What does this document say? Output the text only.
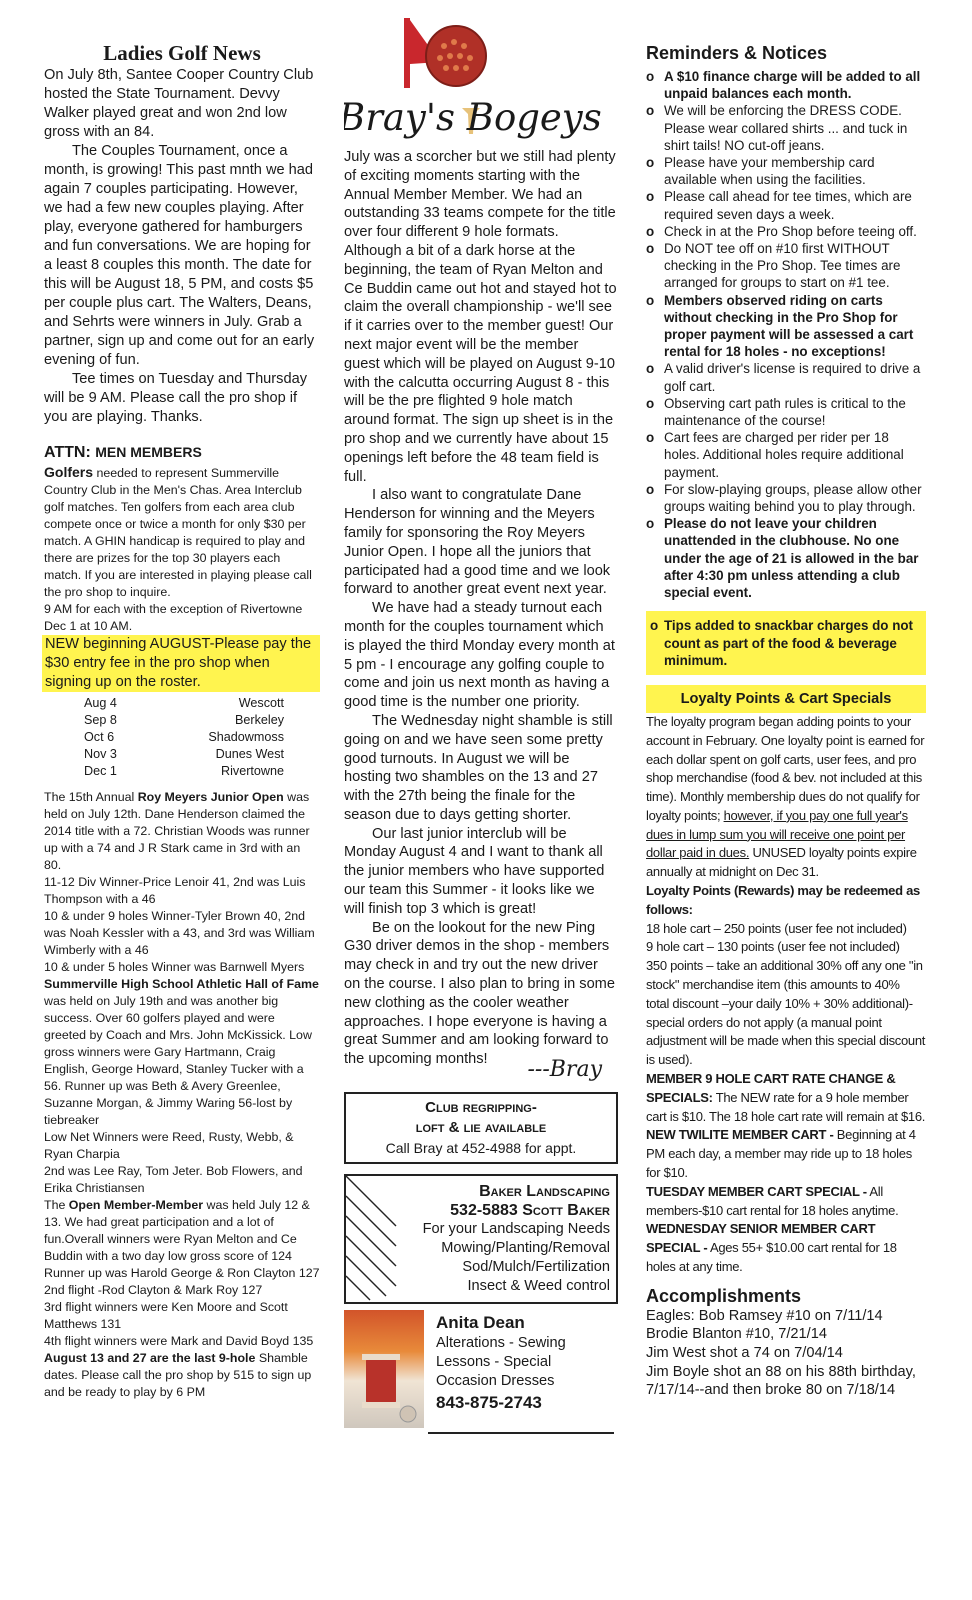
Ladies Golf News

On July 8th, Santee Cooper Country Club hosted the State Tournament. Devvy Walker played great and won 2nd low gross with an 84.

The Couples Tournament, once a month, is growing! This past mnth we had again 7 couples participating. However, we had a few new couples playing. After play, everyone gathered for hamburgers and fun conversations. We are hoping for a least 8 couples this month. The date for this will be August 18, 5 PM, and costs $5 per couple plus cart. The Walters, Deans, and Sehrts were winners in July. Grab a partner, sign up and come out for an early evening of fun.

Tee times on Tuesday and Thursday will be 9 AM. Please call the pro shop if you are playing. Thanks.

ATTN: MEN MEMBERS

Golfers needed to represent Summerville Country Club in the Men's Chas. Area Interclub golf matches. Ten golfers from each area club compete once or twice a month for only $30 per match. A GHIN handicap is required to play and there are prizes for the top 30 players each match. If you are interested in playing please call the pro shop to inquire.

9 AM for each with the exception of Rivertowne Dec 1 at 10 AM.

NEW beginning AUGUST-Please pay the $30 entry fee in the pro shop when signing up on the roster.

Aug 4	Wescott
Sep 8	Berkeley
Oct 6	Shadowmoss
Nov 3	Dunes West
Dec 1	Rivertowne

The 15th Annual Roy Meyers Junior Open was held on July 12th. Dane Henderson claimed the 2014 title with a 72. Christian Woods was runner up with a 74 and J R Stark came in 3rd with an 80.

11-12 Div Winner-Price Lenoir 41, 2nd was Luis Thompson with a 46

10 & under 9 holes Winner-Tyler Brown 40, 2nd was Noah Kessler with a 43, and 3rd was William Wimberly with a 46

10 & under 5 holes Winner was Barnwell Myers

Summerville High School Athletic Hall of Fame was held on July 19th and was another big success. Over 60 golfers played and were greeted by Coach and Mrs. John McKissick. Low gross winners were Gary Hartmann, Craig English, George Howard, Stanley Tucker with a 56. Runner up was Beth & Avery Greenlee, Suzanne Morgan, & Jimmy Waring 56-lost by tiebreaker

Low Net Winners were Reed, Rusty, Webb, & Ryan Charpia

2nd was Lee Ray, Tom Jeter. Bob Flowers, and Erika Christiansen

The Open Member-Member was held July 12 & 13. We had great participation and a lot of fun.Overall winners were Ryan Melton and Ce Buddin with a two day low gross score of 124

Runner up was Harold George & Ron Clayton 127

2nd flight -Rod Clayton & Mark Roy 127

3rd flight winners were Ken Moore and Scott Matthews 131

4th flight winners were Mark and David Boyd 135

August 13 and 27 are the last 9-hole Shamble dates. Please call the pro shop by 515 to sign up and be ready to play by 6 PM

Bray's Bogeys

July was a scorcher but we still had plenty of exciting moments starting with the Annual Member Member. We had an outstanding 33 teams compete for the title over four different 9 hole formats. Although a bit of a dark horse at the beginning, the team of Ryan Melton and Ce Buddin came out hot and stayed hot to claim the overall championship - we'll see if it carries over to the member guest! Our next major event will be the member guest which will be played on August 9-10 with the calcutta occurring August 8 - this will be the pre flighted 9 hole match around format. The sign up sheet is in the pro shop and we currently have about 15 openings left before the 48 team field is full.

I also want to congratulate Dane Henderson for winning and the Meyers family for sponsoring the Roy Meyers Junior Open. I hope all the juniors that participated had a good time and we look forward to another great event next year.

We have had a steady turnout each month for the couples tournament which is played the third Monday every month at 5 pm - I encourage any golfing couple to come and join us next month as having a good time is the number one priority.

The Wednesday night shamble is still going on and we have seen some pretty good turnouts. In August we will be hosting two shambles on the 13 and 27 with the 27th being the finale for the season due to days getting shorter.

Our last junior interclub will be Monday August 4 and I want to thank all the junior members who have supported our team this Summer - it looks like we will finish top 3 which is great!

Be on the lookout for the new Ping G30 driver demos in the shop - members may check in and try out the new driver on the course. I also plan to bring in some new clothing as the cooler weather approaches. I hope everyone is having a great Summer and am looking forward to the upcoming months!	---Bray
Club regripping-
loft & lie available
Call Bray at 452-4988 for appt.
Baker Landscaping
532-5883 Scott Baker
For your Landscaping Needs
Mowing/Planting/Removal
Sod/Mulch/Fertilization
Insect & Weed control
Anita Dean
Alterations - Sewing
Lessons - Special
Occasion Dresses
843-875-2743
Reminders & Notices
o A $10 finance charge will be added to all unpaid balances each month.
o We will be enforcing the DRESS CODE. Please wear collared shirts ... and tuck in shirt tails! NO cut-off jeans.
o Please have your membership card available when using the facilities.
o Please call ahead for tee times, which are required seven days a week.
o Check in at the Pro Shop before teeing off.
o Do NOT tee off on #10 first WITHOUT checking in the Pro Shop. Tee times are arranged for groups to start on #1 tee.
o Members observed riding on carts without checking in the Pro Shop for proper payment will be assessed a cart rental for 18 holes - no exceptions!
o A valid driver's license is required to drive a golf cart.
o Observing cart path rules is critical to the maintenance of the course!
o Cart fees are charged per rider per 18 holes. Additional holes require additional payment.
o For slow-playing groups, please allow other groups waiting behind you to play through.
o Please do not leave your children unattended in the clubhouse. No one under the age of 21 is allowed in the bar after 4:30 pm unless attending a club special event.
o Tips added to snackbar charges do not count as part of the food & beverage minimum.
Loyalty Points & Cart Specials

The loyalty program began adding points to your account in February. One loyalty point is earned for each dollar spent on golf carts, user fees, and pro shop merchandise (food & bev. not included at this time). Monthly membership dues do not qualify for loyalty points; however, if you pay one full year's dues in lump sum you will receive one point per dollar paid in dues. UNUSED loyalty points expire annually at midnight on Dec 31.

Loyalty Points (Rewards) may be redeemed as follows:

18 hole cart – 250 points (user fee not included)

9 hole cart – 130 points (user fee not included)

350 points – take an additional 30% off any one "in stock" merchandise item (this amounts to 40% total discount –your daily 10% + 30% additional)-special orders do not apply (a manual point adjustment will be made when this special discount is used).

MEMBER 9 HOLE CART RATE CHANGE & SPECIALS: The NEW rate for a 9 hole member cart is $10. The 18 hole cart rate will remain at $16.

NEW TWILITE MEMBER CART - Beginning at 4 PM each day, a member may ride up to 18 holes for $10.

TUESDAY MEMBER CART SPECIAL - All members-$10 cart rental for 18 holes anytime.

WEDNESDAY SENIOR MEMBER CART SPECIAL - Ages 55+ $10.00 cart rental for 18 holes at any time.

Accomplishments

Eagles: Bob Ramsey #10 on 7/11/14

Brodie Blanton #10, 7/21/14

Jim West shot a 74 on 7/04/14

Jim Boyle shot an 88 on his 88th birthday, 7/17/14--and then broke 80 on 7/18/14
